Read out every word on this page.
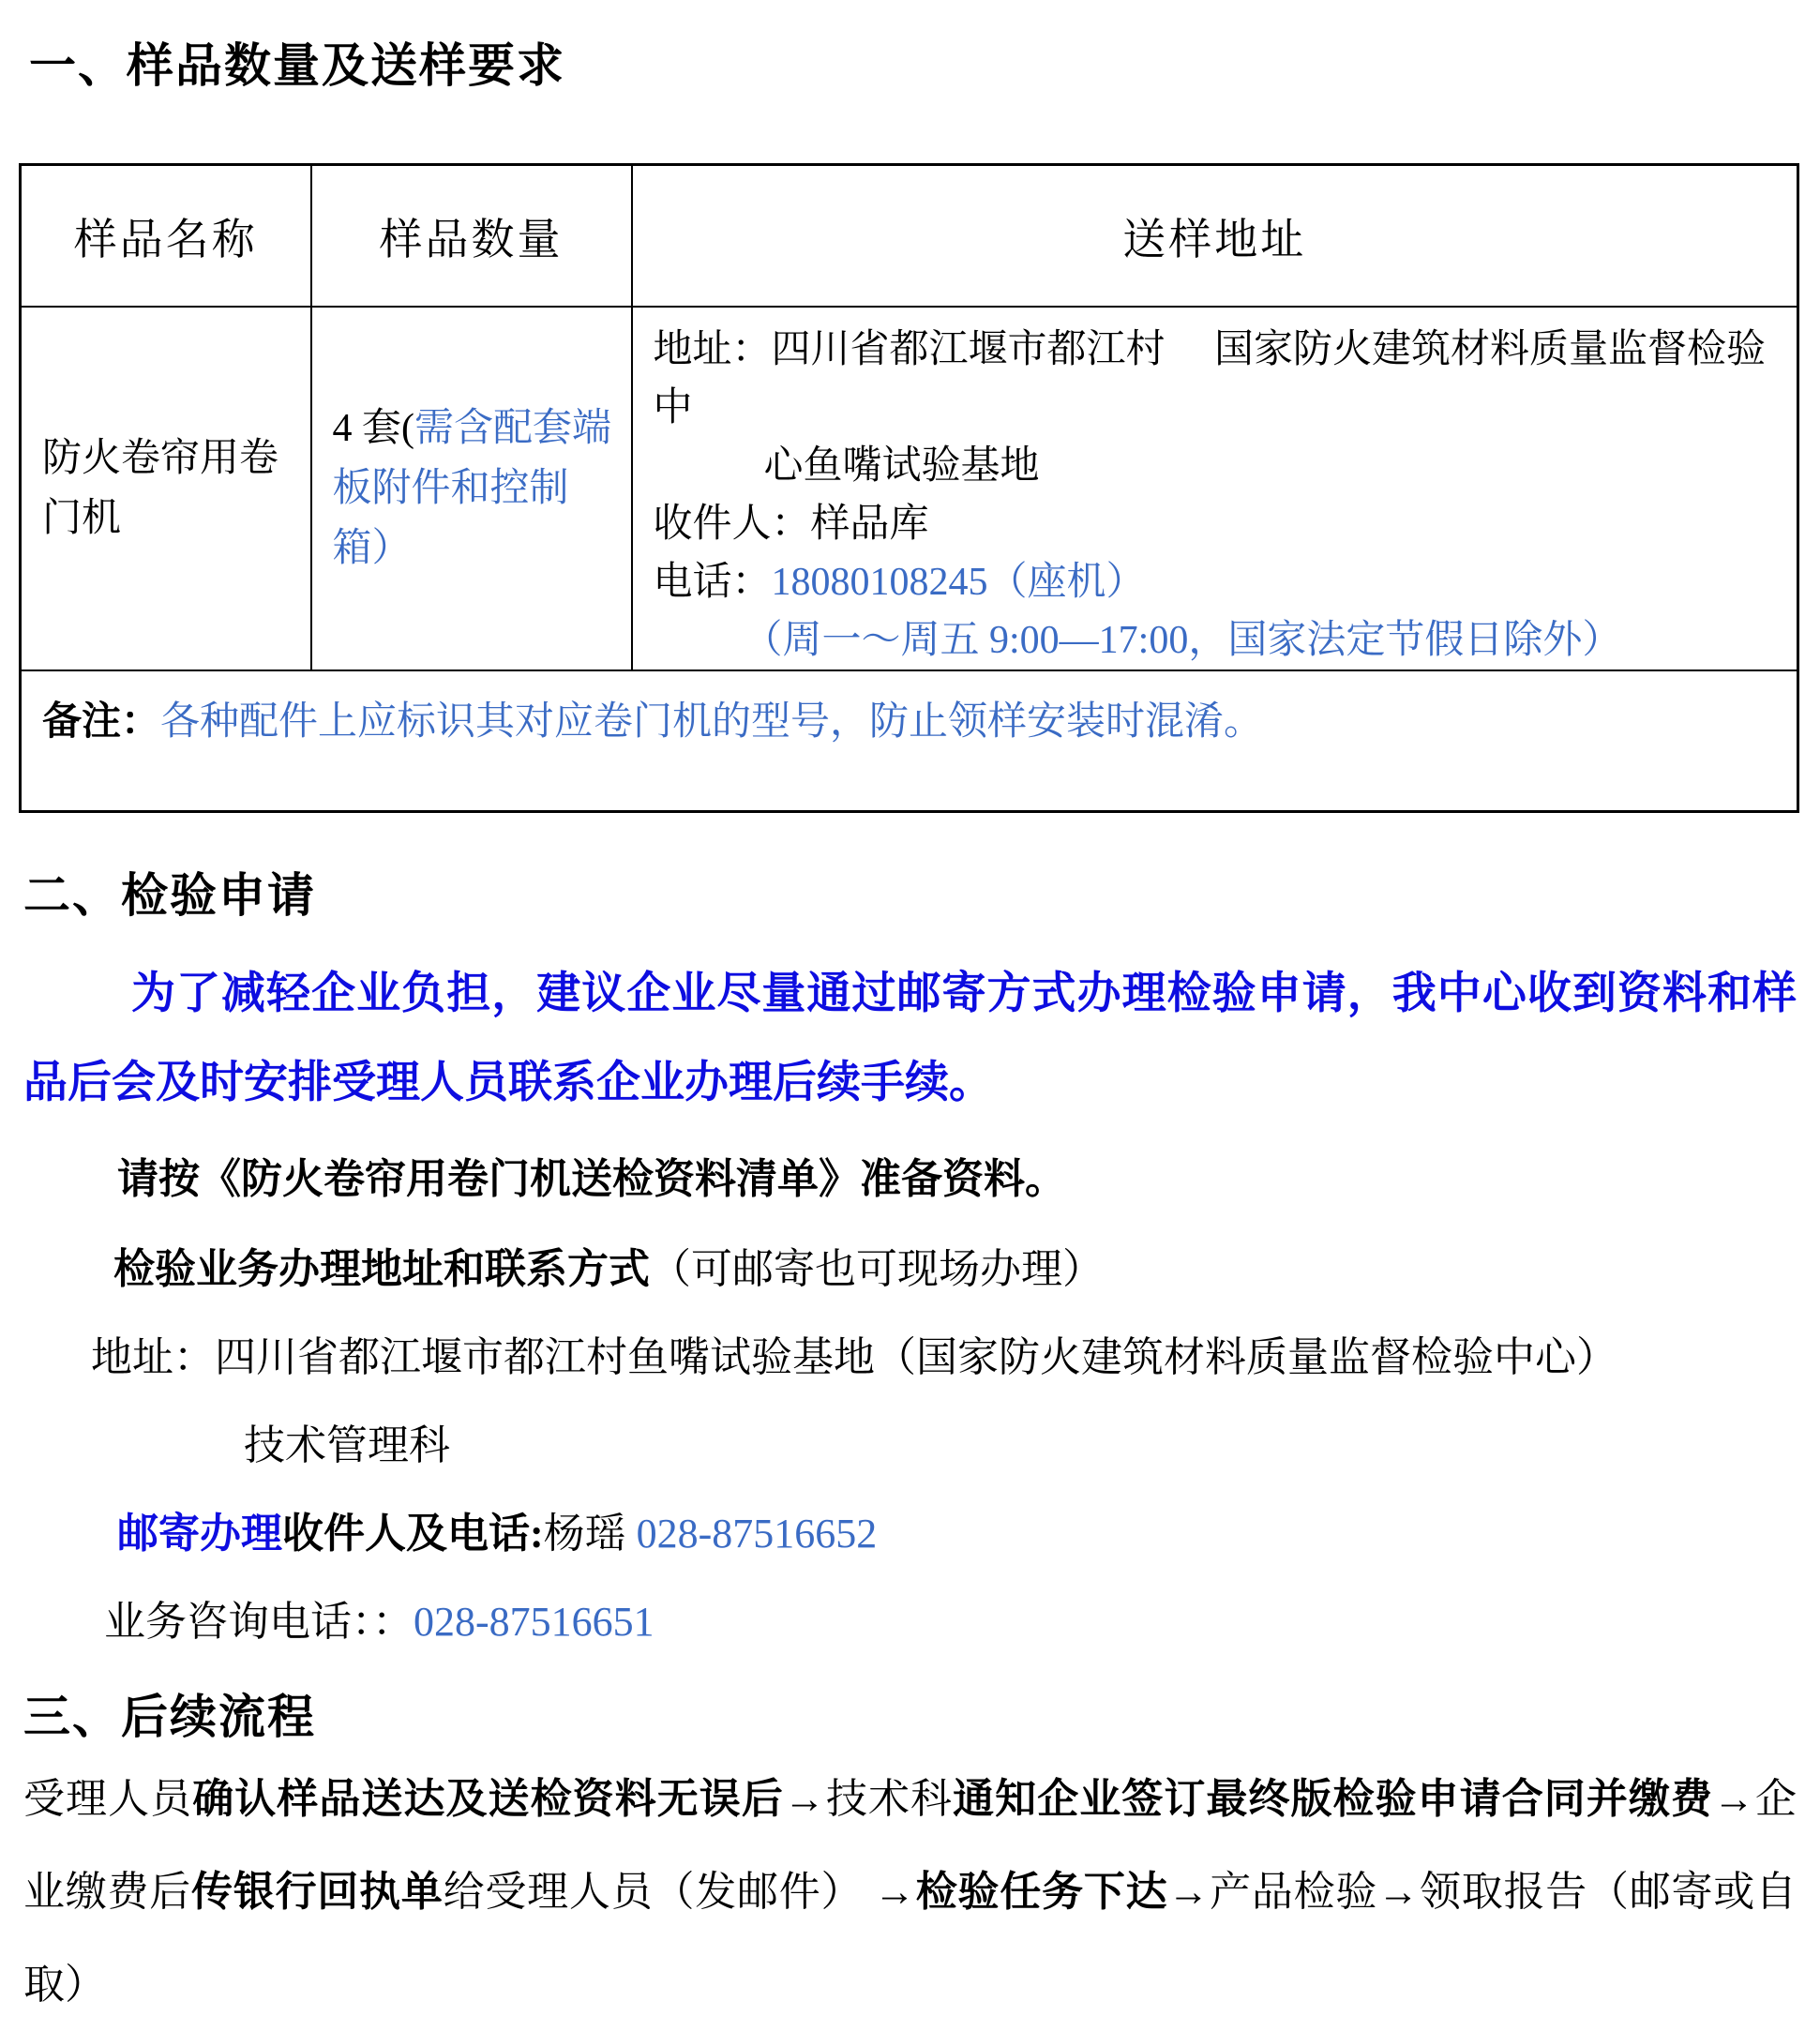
一、样品数量及送样要求
样品名称	样品数量	送样地址
防火卷帘用卷门机	4 套(需含配套端板附件和控制箱）	地址：四川省都江堰市都江村　 国家防火建筑材料质量监督检验中
心鱼嘴试验基地
收件人：样品库
电话：18080108245（座机）
（周一～周五 9:00—17:00，国家法定节假日除外）

备注：各种配件上应标识其对应卷门机的型号，防止领样安装时混淆。		
二、检验申请

为了减轻企业负担，建议企业尽量通过邮寄方式办理检验申请，我中心收到资料和样品后会及时安排受理人员联系企业办理后续手续。

请按《防火卷帘用卷门机送检资料清单》准备资料。

检验业务办理地址和联系方式（可邮寄也可现场办理）

地址：四川省都江堰市都江村鱼嘴试验基地（国家防火建筑材料质量监督检验中心）

技术管理科

邮寄办理收件人及电话:杨瑶 028-87516652

业务咨询电话：：028-87516651

三、后续流程

受理人员确认样品送达及送检资料无误后→技术科通知企业签订最终版检验申请合同并缴费→企业缴费后传银行回执单给受理人员（发邮件） →检验任务下达→产品检验→领取报告（邮寄或自取）
